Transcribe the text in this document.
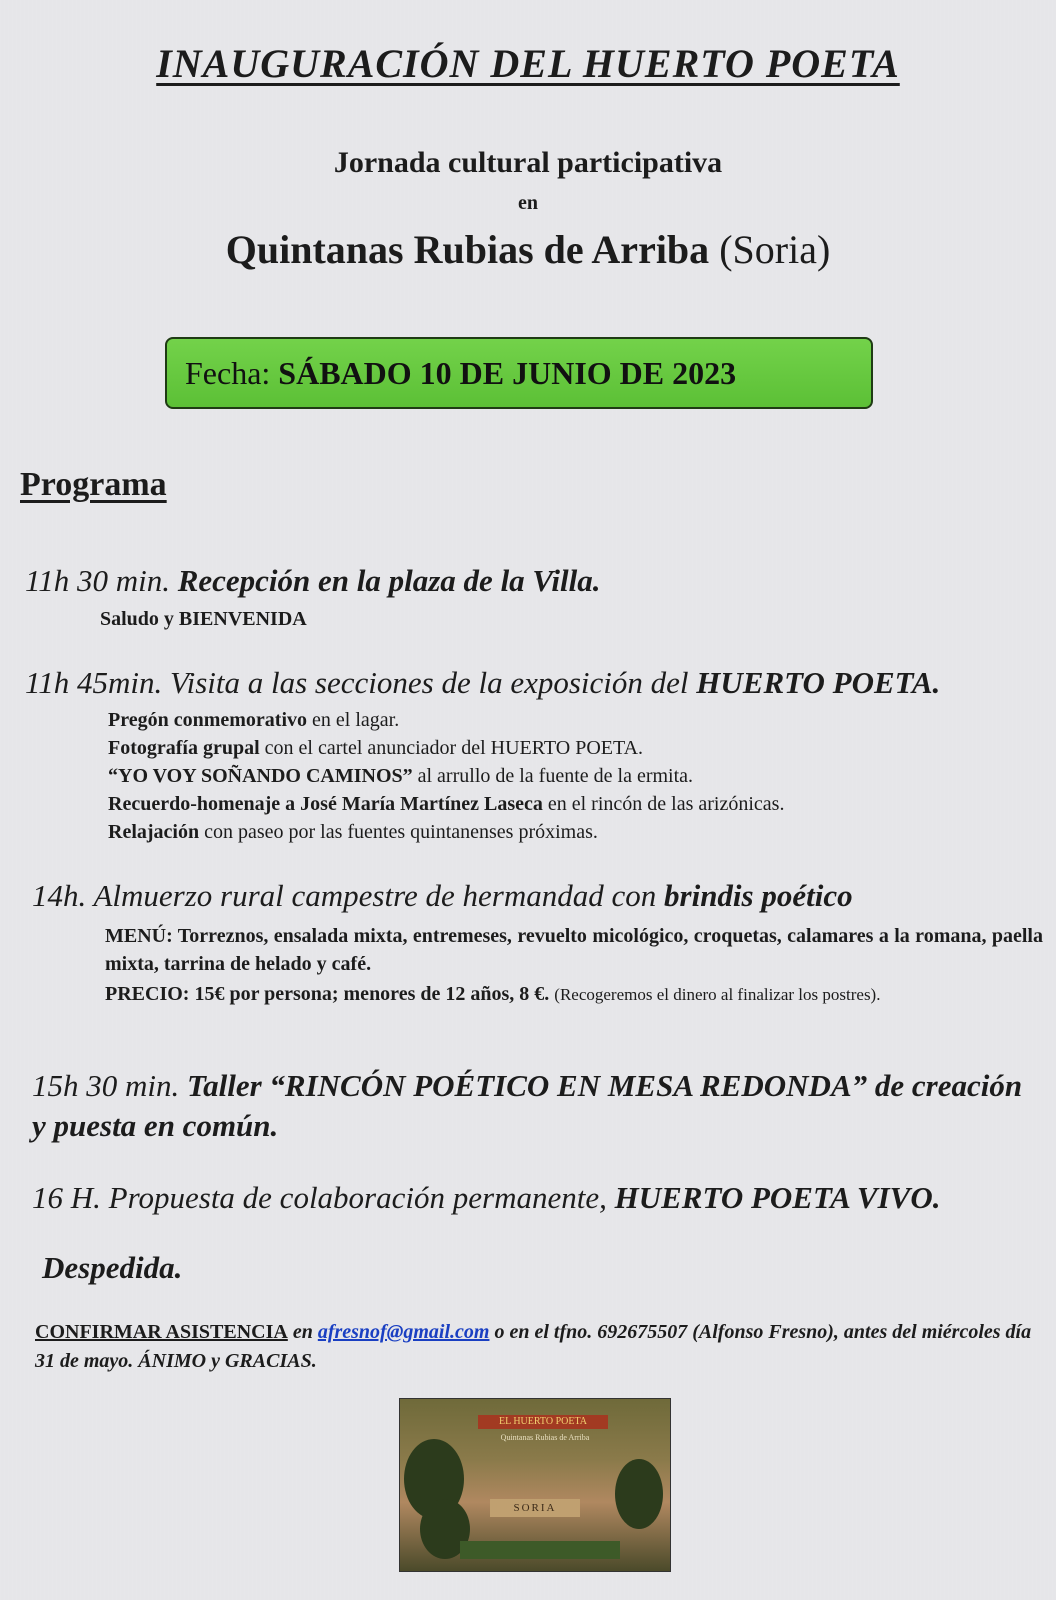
INAUGURACIÓN DEL HUERTO POETA
Jornada cultural participativa
en
Quintanas Rubias de Arriba (Soria)
Fecha: SÁBADO 10 DE JUNIO DE 2023
Programa
11h 30 min. Recepción en la plaza de la Villa.
Saludo y BIENVENIDA
11h 45min. Visita a las secciones de la exposición del HUERTO POETA.
Pregón conmemorativo en el lagar.
Fotografía grupal con el cartel anunciador del HUERTO POETA.
“YO VOY SOÑANDO CAMINOS” al arrullo de la fuente de la ermita.
Recuerdo-homenaje a José María Martínez Laseca en el rincón de las arizónicas.
Relajación con paseo por las fuentes quintanenses próximas.
14h. Almuerzo rural campestre de hermandad con brindis poético
MENÚ: Torreznos, ensalada mixta, entremeses, revuelto micológico, croquetas, calamares a la romana, paella mixta, tarrina de helado y café.
PRECIO: 15€ por persona; menores de 12 años, 8 €. (Recogeremos el dinero al finalizar los postres).
15h 30 min. Taller “RINCÓN POÉTICO EN MESA REDONDA” de creación y puesta en común.
16 H. Propuesta de colaboración permanente, HUERTO POETA VIVO.
Despedida.
CONFIRMAR ASISTENCIA en afresnof@gmail.com o en el tfno. 692675507 (Alfonso Fresno), antes del miércoles día 31 de mayo. ÁNIMO y GRACIAS.
EL HUERTO POETA
Quintanas Rubias de Arriba
SORIA
